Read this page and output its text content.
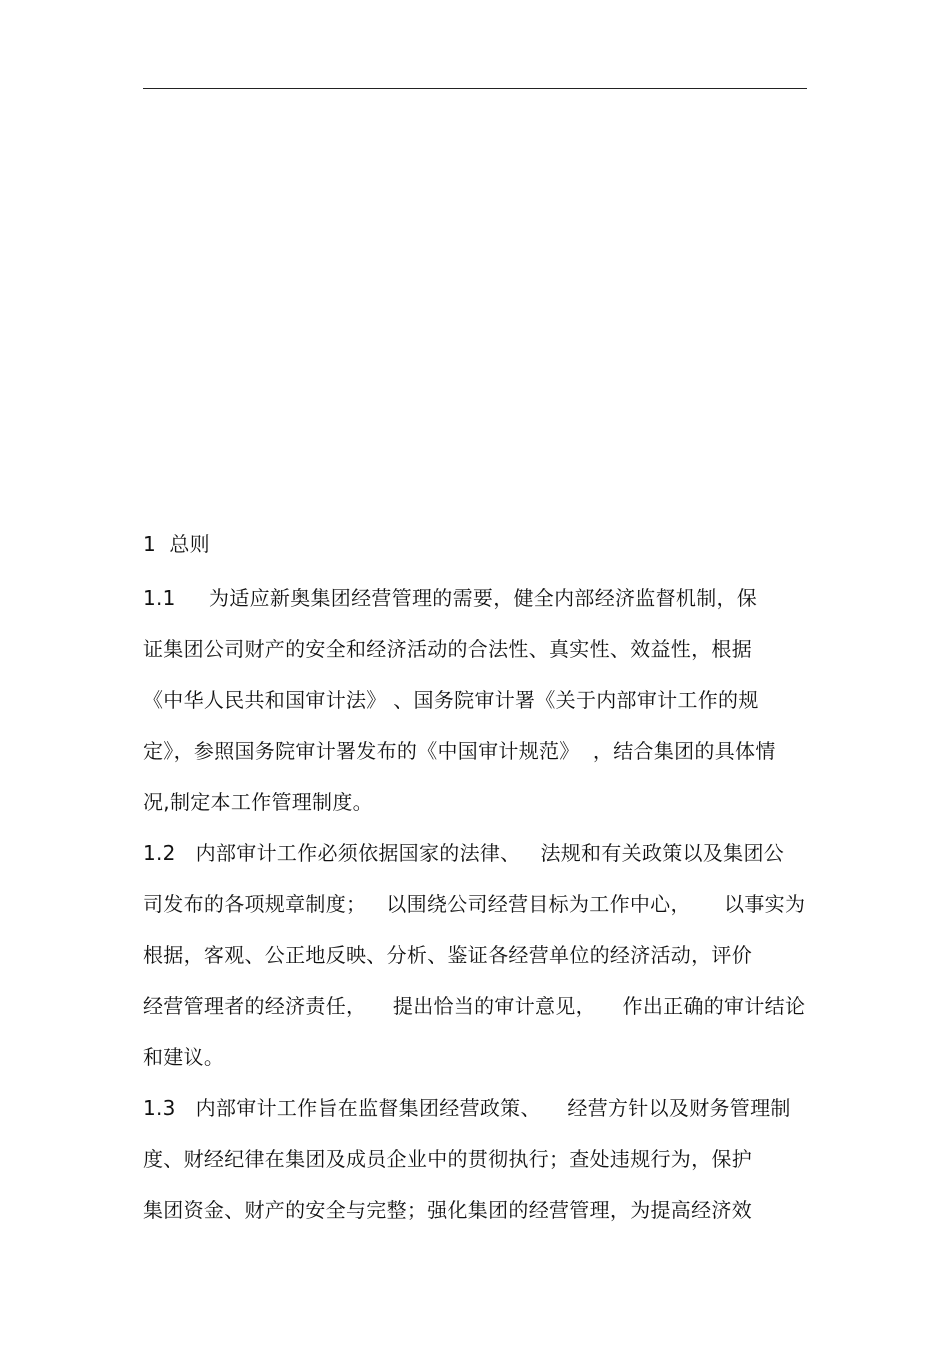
1  总则
1.1     为适应新奥集团经营管理的需要，健全内部经济监督机制，保
证集团公司财产的安全和经济活动的合法性、真实性、效益性，根据
《中华人民共和国审计法》 、国务院审计署《关于内部审计工作的规
定》，参照国务院审计署发布的《中国审计规范》  ，结合集团的具体情
况,制定本工作管理制度。
1.2   内部审计工作必须依据国家的法律、   法规和有关政策以及集团公
司发布的各项规章制度；   以围绕公司经营目标为工作中心，     以事实为
根据，客观、公正地反映、分析、鉴证各经营单位的经济活动，评价
经营管理者的经济责任，    提出恰当的审计意见，    作出正确的审计结论
和建议。
1.3   内部审计工作旨在监督集团经营政策、    经营方针以及财务管理制
度、财经纪律在集团及成员企业中的贯彻执行；查处违规行为，保护
集团资金、财产的安全与完整；强化集团的经营管理，为提高经济效
